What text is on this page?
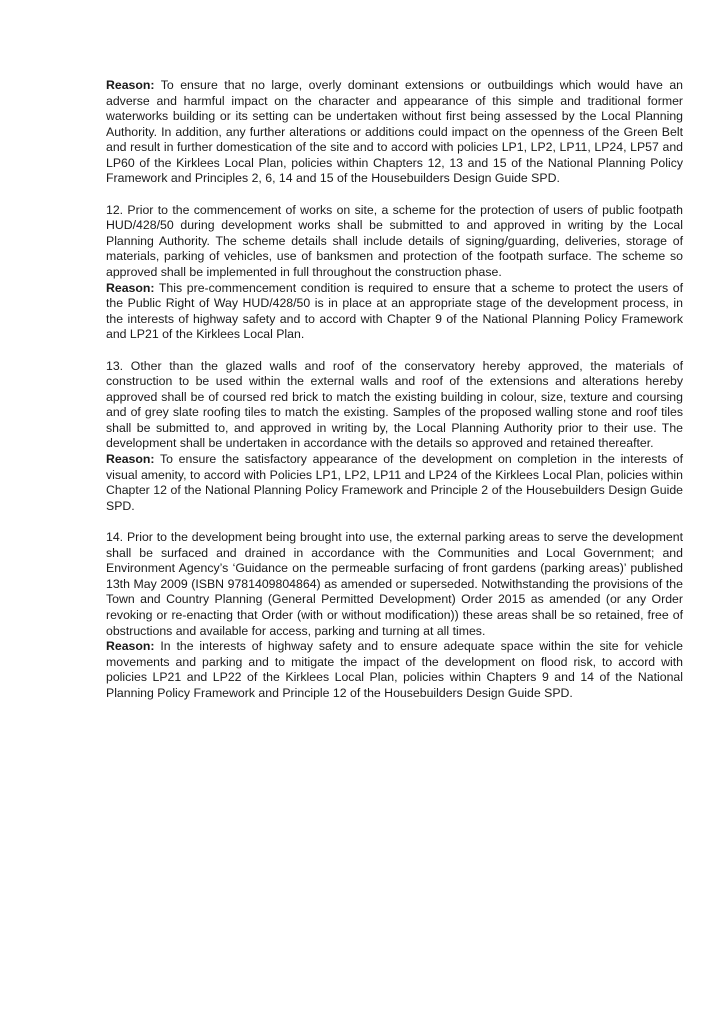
Reason: To ensure that no large, overly dominant extensions or outbuildings which would have an adverse and harmful impact on the character and appearance of this simple and traditional former waterworks building or its setting can be undertaken without first being assessed by the Local Planning Authority. In addition, any further alterations or additions could impact on the openness of the Green Belt and result in further domestication of the site and to accord with policies LP1, LP2, LP11, LP24, LP57 and LP60 of the Kirklees Local Plan, policies within Chapters 12, 13 and 15 of the National Planning Policy Framework and Principles 2, 6, 14 and 15 of the Housebuilders Design Guide SPD.

12. Prior to the commencement of works on site, a scheme for the protection of users of public footpath HUD/428/50 during development works shall be submitted to and approved in writing by the Local Planning Authority. The scheme details shall include details of signing/guarding, deliveries, storage of materials, parking of vehicles, use of banksmen and protection of the footpath surface. The scheme so approved shall be implemented in full throughout the construction phase.

Reason: This pre-commencement condition is required to ensure that a scheme to protect the users of the Public Right of Way HUD/428/50 is in place at an appropriate stage of the development process, in the interests of highway safety and to accord with Chapter 9 of the National Planning Policy Framework and LP21 of the Kirklees Local Plan.

13. Other than the glazed walls and roof of the conservatory hereby approved, the materials of construction to be used within the external walls and roof of the extensions and alterations hereby approved shall be of coursed red brick to match the existing building in colour, size, texture and coursing and of grey slate roofing tiles to match the existing. Samples of the proposed walling stone and roof tiles shall be submitted to, and approved in writing by, the Local Planning Authority prior to their use. The development shall be undertaken in accordance with the details so approved and retained thereafter.

Reason: To ensure the satisfactory appearance of the development on completion in the interests of visual amenity, to accord with Policies LP1, LP2, LP11 and LP24 of the Kirklees Local Plan, policies within Chapter 12 of the National Planning Policy Framework and Principle 2 of the Housebuilders Design Guide SPD.

14. Prior to the development being brought into use, the external parking areas to serve the development shall be surfaced and drained in accordance with the Communities and Local Government; and Environment Agency’s ‘Guidance on the permeable surfacing of front gardens (parking areas)’ published 13th May 2009 (ISBN 9781409804864) as amended or superseded. Notwithstanding the provisions of the Town and Country Planning (General Permitted Development) Order 2015 as amended (or any Order revoking or re-enacting that Order (with or without modification)) these areas shall be so retained, free of obstructions and available for access, parking and turning at all times.

Reason: In the interests of highway safety and to ensure adequate space within the site for vehicle movements and parking and to mitigate the impact of the development on flood risk, to accord with policies LP21 and LP22 of the Kirklees Local Plan, policies within Chapters 9 and 14 of the National Planning Policy Framework and Principle 12 of the Housebuilders Design Guide SPD.
